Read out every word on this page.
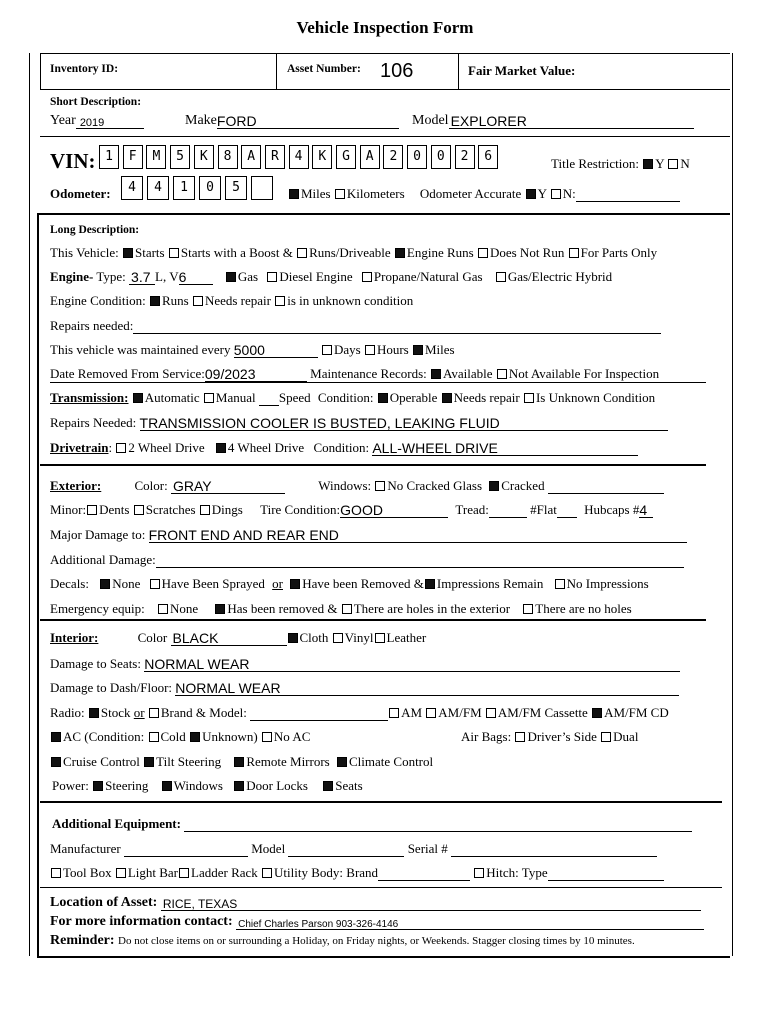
Vehicle Inspection Form
Inventory ID:	Asset Number: 106	Fair Market Value:
Short Description:
Year 2019	Make FORD	Model EXPLORER
VIN: 1	F	M	5	K	8	A	R	4	K	G	A	2	0	0	2	6	Title Restriction: Y N
Odometer:	4	4	1	0	5	Miles Kilometers Odometer Accurate Y N:
Long Description:
This Vehicle: Starts Starts with a Boost & Runs/Driveable Engine Runs Does Not Run For Parts Only
Engine- Type: 3.7 L, V 6	Gas Diesel Engine Propane/Natural Gas Gas/Electric Hybrid
Engine Condition: Runs Needs repair is in unknown condition
Repairs needed:
This vehicle was maintained every 5000	Days Hours Miles
Date Removed From Service: 09/2023	Maintenance Records: Available Not Available For Inspection
Transmission: Automatic Manual Speed Condition: Operable Needs repair Is Unknown Condition
Repairs Needed: TRANSMISSION COOLER IS BUSTED, LEAKING FLUID
Drivetrain: 2 Wheel Drive 4 Wheel Drive Condition: ALL-WHEEL DRIVE
Exterior:	Color: GRAY	Windows: No Cracked Glass Cracked
Minor: Dents Scratches Dings Tire Condition: GOOD	Tread:	#Flat Hubcaps # 4
Major Damage to: FRONT END AND REAR END
Additional Damage:
Decals: None Have Been Sprayed or Have been Removed & Impressions Remain No Impressions
Emergency equip: None Has been removed & There are holes in the exterior There are no holes
Interior:	Color BLACK	Cloth Vinyl Leather
Damage to Seats: NORMAL WEAR
Damage to Dash/Floor: NORMAL WEAR
Radio: Stock or Brand & Model:	AM AM/FM AM/FM Cassette AM/FM CD
AC (Condition: Cold Unknown) No AC	Air Bags: Driver’s Side Dual
Cruise Control Tilt Steering Remote Mirrors Climate Control
Power: Steering Windows Door Locks Seats
Additional Equipment:
Manufacturer	Model	Serial #
Tool Box Light Bar Ladder Rack Utility Body: Brand	Hitch: Type
Location of Asset: RICE, TEXAS
For more information contact: Chief Charles Parson 903-326-4146
Reminder: Do not close items on or surrounding a Holiday, on Friday nights, or Weekends. Stagger closing times by 10 minutes.
